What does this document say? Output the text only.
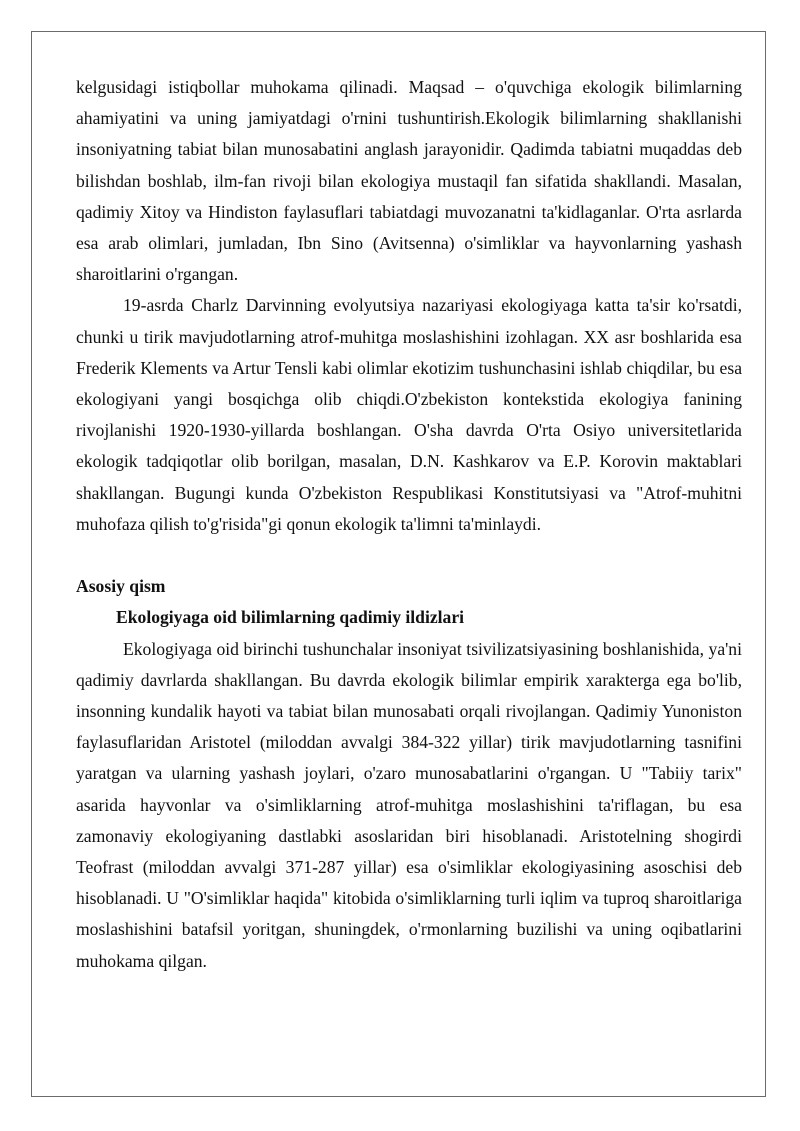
kelgusidagi istiqbollar muhokama qilinadi. Maqsad – o'quvchiga ekologik bilimlarning ahamiyatini va uning jamiyatdagi o'rnini tushuntirish.Ekologik bilimlarning shakllanishi insoniyatning tabiat bilan munosabatini anglash jarayonidir. Qadimda tabiatni muqaddas deb bilishdan boshlab, ilm-fan rivoji bilan ekologiya mustaqil fan sifatida shakllandi. Masalan, qadimiy Xitoy va Hindiston faylasuflari tabiatdagi muvozanatni ta'kidlaganlar. O'rta asrlarda esa arab olimlari, jumladan, Ibn Sino (Avitsenna) o'simliklar va hayvonlarning yashash sharoitlarini o'rgangan.

19-asrda Charlz Darvinning evolyutsiya nazariyasi ekologiyaga katta ta'sir ko'rsatdi, chunki u tirik mavjudotlarning atrof-muhitga moslashishini izohlagan. XX asr boshlarida esa Frederik Klements va Artur Tensli kabi olimlar ekotizim tushunchasini ishlab chiqdilar, bu esa ekologiyani yangi bosqichga olib chiqdi.O'zbekiston kontekstida ekologiya fanining rivojlanishi 1920-1930-yillarda boshlangan. O'sha davrda O'rta Osiyo universitetlarida ekologik tadqiqotlar olib borilgan, masalan, D.N. Kashkarov va E.P. Korovin maktablari shakllangan. Bugungi kunda O'zbekiston Respublikasi Konstitutsiyasi va "Atrof-muhitni muhofaza qilish to'g'risida"gi qonun ekologik ta'limni ta'minlaydi.

Asosiy qism

Ekologiyaga oid bilimlarning qadimiy ildizlari

Ekologiyaga oid birinchi tushunchalar insoniyat tsivilizatsiyasining boshlanishida, ya'ni qadimiy davrlarda shakllangan. Bu davrda ekologik bilimlar empirik xarakterga ega bo'lib, insonning kundalik hayoti va tabiat bilan munosabati orqali rivojlangan. Qadimiy Yunoniston faylasuflaridan Aristotel (miloddan avvalgi 384-322 yillar) tirik mavjudotlarning tasnifini yaratgan va ularning yashash joylari, o'zaro munosabatlarini o'rgangan. U "Tabiiy tarix" asarida hayvonlar va o'simliklarning atrof-muhitga moslashishini ta'riflagan, bu esa zamonaviy ekologiyaning dastlabki asoslaridan biri hisoblanadi. Aristotelning shogirdi Teofrast (miloddan avvalgi 371-287 yillar) esa o'simliklar ekologiyasining asoschisi deb hisoblanadi. U "O'simliklar haqida" kitobida o'simliklarning turli iqlim va tuproq sharoitlariga moslashishini batafsil yoritgan, shuningdek, o'rmonlarning buzilishi va uning oqibatlarini muhokama qilgan.
